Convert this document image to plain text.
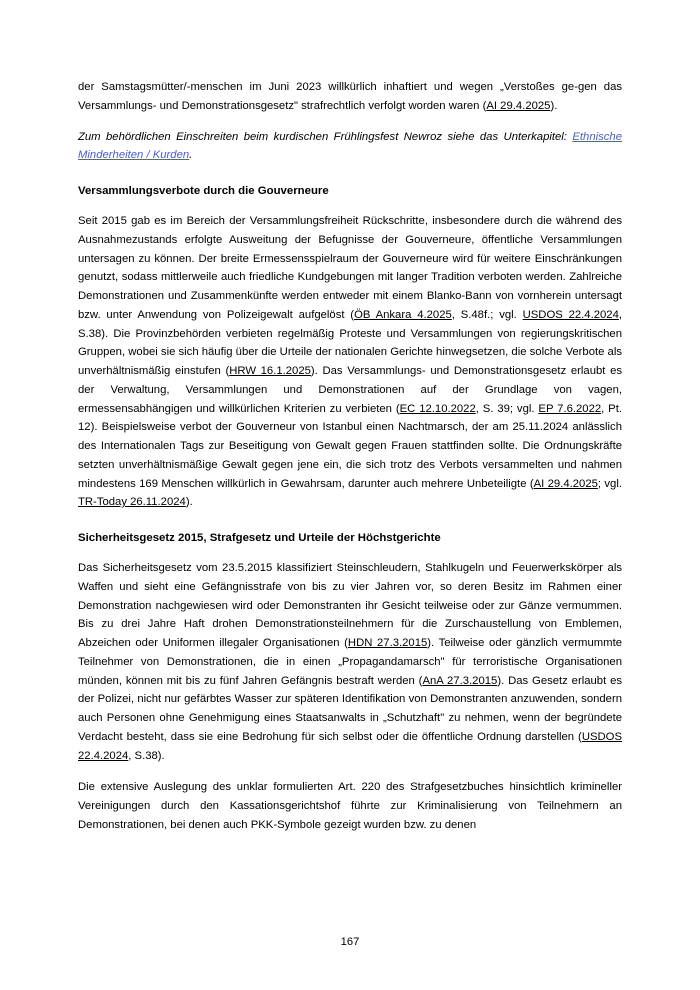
der Samstagsmütter/-menschen im Juni 2023 willkürlich inhaftiert und wegen „Verstoßes ge-gen das Versammlungs- und Demonstrationsgesetz" strafrechtlich verfolgt worden waren (AI 29.4.2025).

Zum behördlichen Einschreiten beim kurdischen Frühlingsfest Newroz siehe das Unterkapitel: Ethnische Minderheiten / Kurden.

Versammlungsverbote durch die Gouverneure

Seit 2015 gab es im Bereich der Versammlungsfreiheit Rückschritte, insbesondere durch die während des Ausnahmezustands erfolgte Ausweitung der Befugnisse der Gouverneure, öffentliche Versammlungen untersagen zu können. Der breite Ermessensspielraum der Gouverneure wird für weitere Einschränkungen genutzt, sodass mittlerweile auch friedliche Kundgebungen mit langer Tradition verboten werden. Zahlreiche Demonstrationen und Zusammenkünfte werden entweder mit einem Blanko-Bann von vornherein untersagt bzw. unter Anwendung von Polizeigewalt aufgelöst (ÖB Ankara 4.2025, S.48f.; vgl. USDOS 22.4.2024, S.38). Die Provinzbehörden verbieten regelmäßig Proteste und Versammlungen von regierungskritischen Gruppen, wobei sie sich häufig über die Urteile der nationalen Gerichte hinwegsetzen, die solche Verbote als unverhältnismäßig einstufen (HRW 16.1.2025). Das Versammlungs- und Demonstrationsgesetz erlaubt es der Verwaltung, Versammlungen und Demonstrationen auf der Grundlage von vagen, ermessensabhängigen und willkürlichen Kriterien zu verbieten (EC 12.10.2022, S. 39; vgl. EP 7.6.2022, Pt. 12). Beispielsweise verbot der Gouverneur von Istanbul einen Nachtmarsch, der am 25.11.2024 anlässlich des Internationalen Tags zur Beseitigung von Gewalt gegen Frauen stattfinden sollte. Die Ordnungskräfte setzten unverhältnismäßige Gewalt gegen jene ein, die sich trotz des Verbots versammelten und nahmen mindestens 169 Menschen willkürlich in Gewahrsam, darunter auch mehrere Unbeteiligte (AI 29.4.2025; vgl. TR-Today 26.11.2024).

Sicherheitsgesetz 2015, Strafgesetz und Urteile der Höchstgerichte

Das Sicherheitsgesetz vom 23.5.2015 klassifiziert Steinschleudern, Stahlkugeln und Feuerwerkskörper als Waffen und sieht eine Gefängnisstrafe von bis zu vier Jahren vor, so deren Besitz im Rahmen einer Demonstration nachgewiesen wird oder Demonstranten ihr Gesicht teilweise oder zur Gänze vermummen. Bis zu drei Jahre Haft drohen Demonstrationsteilnehmern für die Zurschaustellung von Emblemen, Abzeichen oder Uniformen illegaler Organisationen (HDN 27.3.2015). Teilweise oder gänzlich vermummte Teilnehmer von Demonstrationen, die in einen „Propagandamarsch" für terroristische Organisationen münden, können mit bis zu fünf Jahren Gefängnis bestraft werden (AnA 27.3.2015). Das Gesetz erlaubt es der Polizei, nicht nur gefärbtes Wasser zur späteren Identifikation von Demonstranten anzuwenden, sondern auch Personen ohne Genehmigung eines Staatsanwalts in „Schutzhaft" zu nehmen, wenn der begründete Verdacht besteht, dass sie eine Bedrohung für sich selbst oder die öffentliche Ordnung darstellen (USDOS 22.4.2024, S.38).

Die extensive Auslegung des unklar formulierten Art. 220 des Strafgesetzbuches hinsichtlich krimineller Vereinigungen durch den Kassationsgerichtshof führte zur Kriminalisierung von Teilnehmern an Demonstrationen, bei denen auch PKK-Symbole gezeigt wurden bzw. zu denen

167
